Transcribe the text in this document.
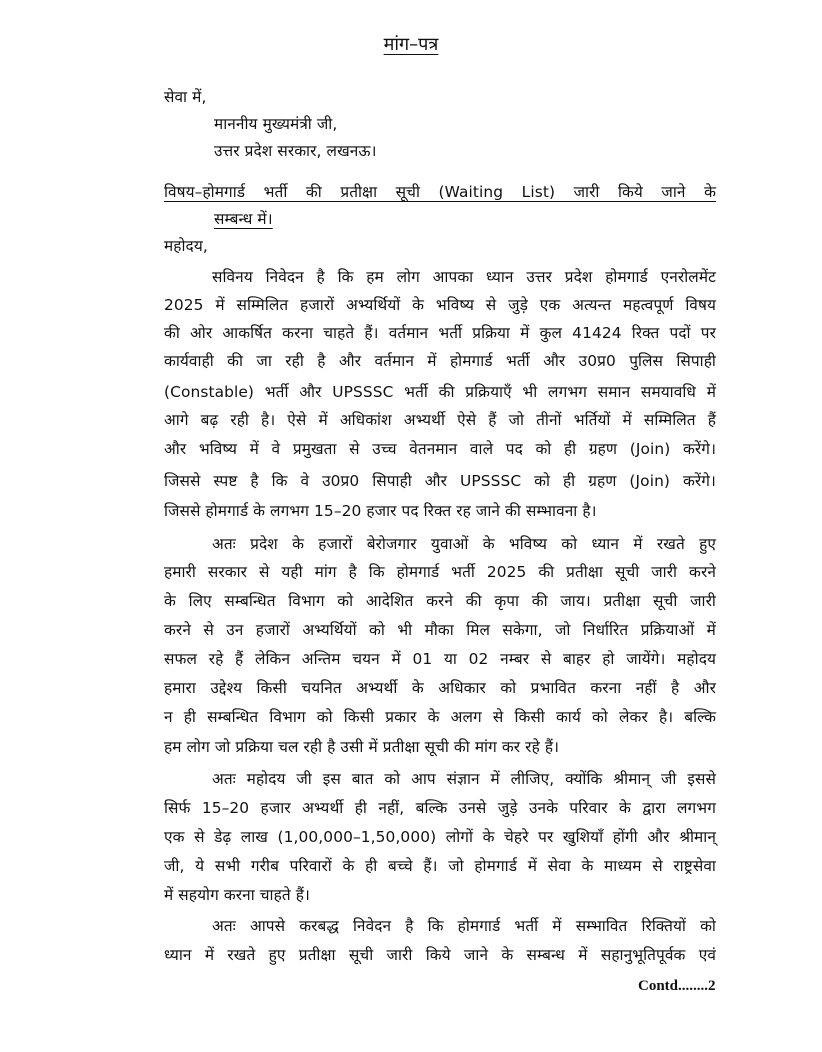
मांग–पत्र
सेवा में,
माननीय मुख्यमंत्री जी,
उत्तर प्रदेश सरकार, लखनऊ।
विषय–होमगार्ड भर्ती की प्रतीक्षा सूची (Waiting List) जारी किये जाने के
सम्बन्ध में।
महोदय,
सविनय निवेदन है कि हम लोग आपका ध्यान उत्तर प्रदेश होमगार्ड एनरोलमेंट
2025 में सम्मिलित हजारों अभ्यर्थियों के भविष्य से जुड़े एक अत्यन्त महत्वपूर्ण विषय
की ओर आकर्षित करना चाहते हैं। वर्तमान भर्ती प्रक्रिया में कुल 41424 रिक्त पदों पर
कार्यवाही की जा रही है और वर्तमान में होमगार्ड भर्ती और उ0प्र0 पुलिस सिपाही
(Constable) भर्ती और UPSSSC भर्ती की प्रक्रियाएँ भी लगभग समान समयावधि में
आगे बढ़ रही है। ऐसे में अधिकांश अभ्यर्थी ऐसे हैं जो तीनों भर्तियों में सम्मिलित हैं
और भविष्य में वे प्रमुखता से उच्च वेतनमान वाले पद को ही ग्रहण (Join) करेंगे।
जिससे स्पष्ट है कि वे उ0प्र0 सिपाही और UPSSSC को ही ग्रहण (Join) करेंगे।
जिससे होमगार्ड के लगभग 15–20 हजार पद रिक्त रह जाने की सम्भावना है।
अतः प्रदेश के हजारों बेरोजगार युवाओं के भविष्य को ध्यान में रखते हुए
हमारी सरकार से यही मांग है कि होमगार्ड भर्ती 2025 की प्रतीक्षा सूची जारी करने
के लिए सम्बन्धित विभाग को आदेशित करने की कृपा की जाय। प्रतीक्षा सूची जारी
करने से उन हजारों अभ्यर्थियों को भी मौका मिल सकेगा, जो निर्धारित प्रक्रियाओं में
सफल रहे हैं लेकिन अन्तिम चयन में 01 या 02 नम्बर से बाहर हो जायेंगे। महोदय
हमारा उद्देश्य किसी चयनित अभ्यर्थी के अधिकार को प्रभावित करना नहीं है और
न ही सम्बन्धित विभाग को किसी प्रकार के अलग से किसी कार्य को लेकर है। बल्कि
हम लोग जो प्रक्रिया चल रही है उसी में प्रतीक्षा सूची की मांग कर रहे हैं।
अतः महोदय जी इस बात को आप संज्ञान में लीजिए, क्योंकि श्रीमान् जी इससे
सिर्फ 15–20 हजार अभ्यर्थी ही नहीं, बल्कि उनसे जुड़े उनके परिवार के द्वारा लगभग
एक से डेढ़ लाख (1,00,000–1,50,000) लोगों के चेहरे पर खुशियाँ होंगी और श्रीमान्
जी, ये सभी गरीब परिवारों के ही बच्चे हैं। जो होमगार्ड में सेवा के माध्यम से राष्ट्रसेवा
में सहयोग करना चाहते हैं।
अतः आपसे करबद्ध निवेदन है कि होमगार्ड भर्ती में सम्भावित रिक्तियों को
ध्यान में रखते हुए प्रतीक्षा सूची जारी किये जाने के सम्बन्ध में सहानुभूतिपूर्वक एवं
Contd........2
